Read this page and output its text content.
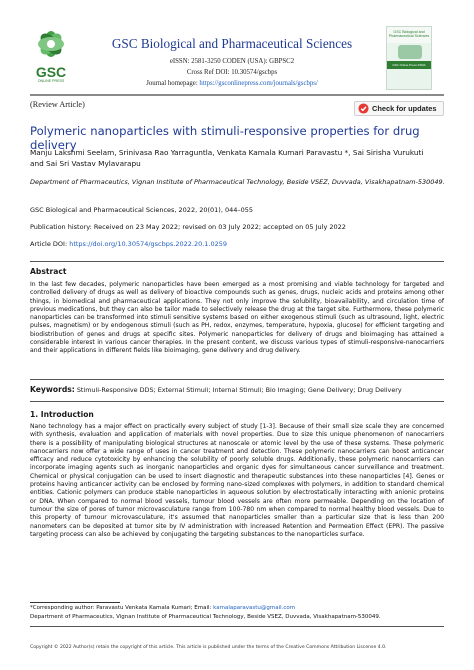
GSC
ONLINE PRESS
GSC Biological and Pharmaceutical Sciences
eISSN: 2581-3250 CODEN (USA): GBPSC2
Cross Ref DOI: 10.30574/gscbps
Journal homepage: https://gsconlinepress.com/journals/gscbps/
GSC Biological and Pharmaceutical Sciences
GSC Online Press INDIA
(Review Article)	Check for updates
Polymeric nanoparticles with stimuli-responsive properties for drug delivery
Manju Lakshmi Seelam, Srinivasa Rao Yarraguntla, Venkata Kamala Kumari Paravastu *, Sai Sirisha Vurukuti
and Sai Sri Vastav Mylavarapu
Department of Pharmaceutics, Vignan Institute of Pharmaceutical Technology, Beside VSEZ, Duvvada, Visakhapatnam-530049.
GSC Biological and Pharmaceutical Sciences, 2022, 20(01), 044–055
Publication history: Received on 23 May 2022; revised on 03 July 2022; accepted on 05 July 2022
Article DOI: https://doi.org/10.30574/gscbps.2022.20.1.0259
Abstract
In the last few decades, polymeric nanoparticles have been emerged as a most promising and viable technology for targeted and controlled delivery of drugs as well as delivery of bioactive compounds such as genes, drugs, nucleic acids and proteins among other things, in biomedical and pharmaceutical applications. They not only improve the solubility, bioavailability, and circulation time of previous medications, but they can also be tailor made to selectively release the drug at the target site. Furthermore, these polymeric nanoparticles can be transformed into stimuli sensitive systems based on either exogenous stimuli (such as ultrasound, light, electric pulses, magnetism) or by endogenous stimuli (such as PH, redox, enzymes, temperature, hypoxia, glucose) for efficient targeting and biodistribution of genes and drugs at specific sites. Polymeric nanoparticles for delivery of drugs and bioimaging has attained a considerable interest in various cancer therapies. In the present content, we discuss various types of stimuli-responsive-nanocarriers and their applications in different fields like bioimaging, gene delivery and drug delivery.
Keywords: Stimuli-Responsive DDS; External Stimuli; Internal Stimuli; Bio Imaging; Gene Delivery; Drug Delivery
1. Introduction
Nano technology has a major effect on practically every subject of study [1-3]. Because of their small size scale they are concerned with synthesis, evaluation and application of materials with novel properties. Due to size this unique phenomenon of nanocarriers there is a possibility of manipulating biological structures at nanoscale or atomic level by the use of these systems. These polymeric nanocarriers now offer a wide range of uses in cancer treatment and detection. These polymeric nanocarriers can boost anticancer efficacy and reduce cytotoxicity by enhancing the solubility of poorly soluble drugs. Additionally, these polymeric nanocarriers can incorporate imaging agents such as inorganic nanoparticles and organic dyes for simultaneous cancer surveillance and treatment. Chemical or physical conjugation can be used to insert diagnostic and therapeutic substances into these nanoparticles [4]. Genes or proteins having anticancer activity can be enclosed by forming nano-sized complexes with polymers, in addition to standard chemical entities. Cationic polymers can produce stable nanoparticles in aqueous solution by electrostatically interacting with anionic proteins or DNA. When compared to normal blood vessels, tumour blood vessels are often more permeable. Depending on the location of tumour the size of pores of tumor microvasculature range from 100-780 nm when compared to normal healthy blood vessels. Due to this property of tumour microvasculature, it's assumed that nanoparticles smaller than a particular size that is less than 200 nanometers can be deposited at tumor site by IV administration with increased Retention and Permeation Effect (EPR). The passive targeting process can also be achieved by conjugating the targeting substances to the nanoparticles surface.
*Corresponding author: Paravastu Venkata Kamala Kumari; Email: kamalaparavastu@gmail.com
Department of Pharmaceutics, Vignan Institute of Pharmaceutical Technology, Beside VSEZ, Duvvada, Visakhapatnam-530049.
Copyright © 2022 Author(s) retain the copyright of this article. This article is published under the terms of the Creative Commons Attribution Liscense 4.0.
